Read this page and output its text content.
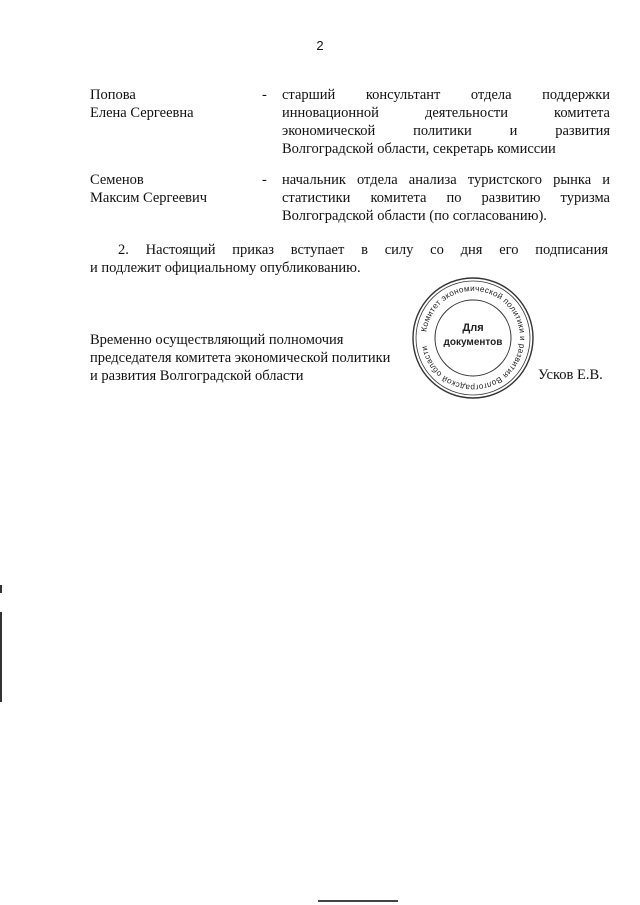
2
Попова
Елена Сергеевна
- старший консультант отдела поддержки
инновационной деятельности комитета
экономической политики и развития
Волгоградской области, секретарь комиссии
Семенов
Максим Сергеевич
- начальник отдела анализа туристского рынка и
статистики комитета по развитию туризма
Волгоградской области (по согласованию).
2. Настоящий приказ вступает в силу со дня его подписания
и подлежит официальному опубликованию.
Временно осуществляющий полномочия
председателя комитета экономической политики
и развития Волгоградской области	Усков Е.В.
Комитет экономической политики и развития Волгоградской области
Для
документов
